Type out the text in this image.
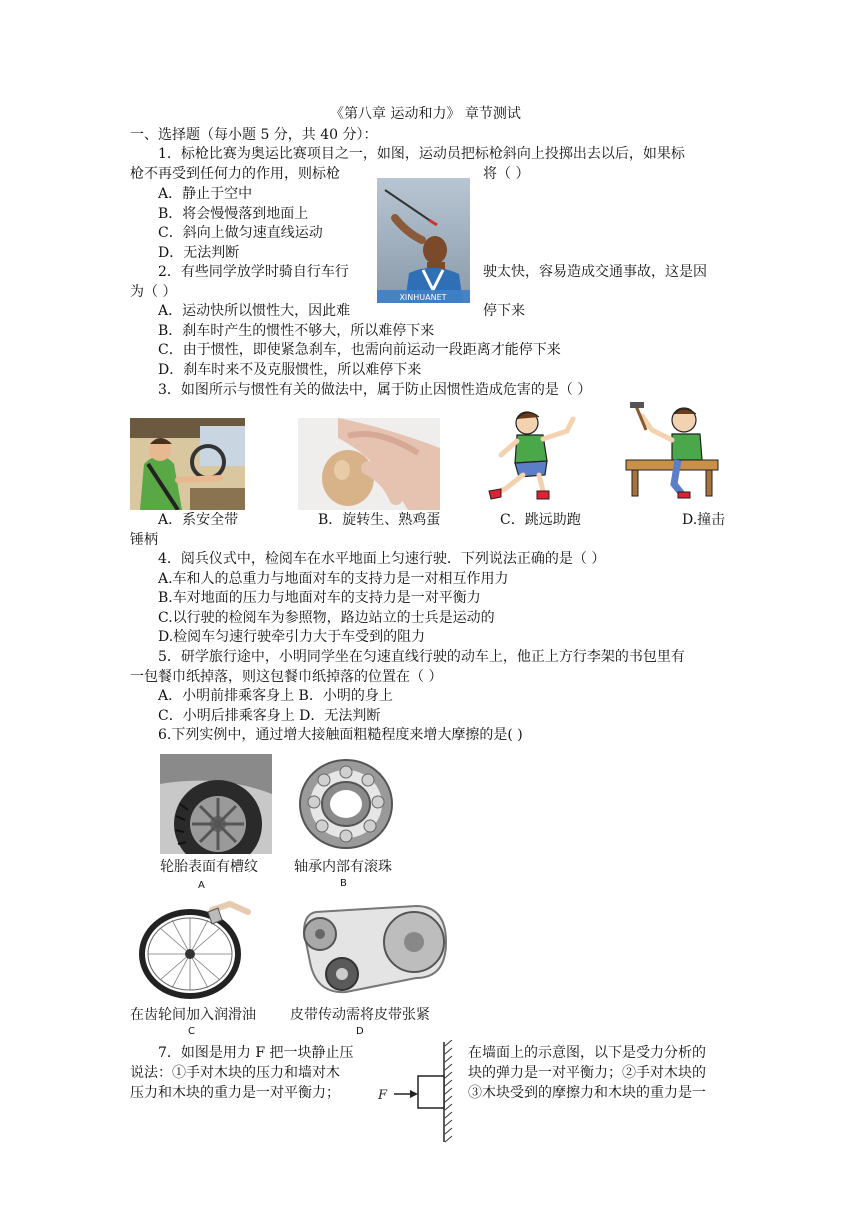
《第八章 运动和力》 章节测试
一、选择题（每小题 5 分，共 40 分）：
1．标枪比赛为奥运比赛项目之一，如图，运动员把标枪斜向上投掷出去以后，如果标
枪不再受到任何力的作用，则标枪	将（ ）
A．静止于空中
B．将会慢慢落到地面上
C．斜向上做匀速直线运动
D．无法判断
XINHUANET
2．有些同学放学时骑自行车行	驶太快，容易造成交通事故，这是因
为（ ）
A．运动快所以惯性大，因此难	停下来
B．刹车时产生的惯性不够大，所以难停下来
C．由于惯性，即使紧急刹车，也需向前运动一段距离才能停下来
D．刹车时来不及克服惯性，所以难停下来
3．如图所示与惯性有关的做法中，属于防止因惯性造成危害的是（ ）
A．系安全带	B．旋转生、熟鸡蛋	C．跳远助跑	D.撞击
锤柄
4．阅兵仪式中，检阅车在水平地面上匀速行驶．下列说法正确的是（ ）
A.车和人的总重力与地面对车的支持力是一对相互作用力
B.车对地面的压力与地面对车的支持力是一对平衡力
C.以行驶的检阅车为参照物，路边站立的士兵是运动的
D.检阅车匀速行驶牵引力大于车受到的阻力
5．研学旅行途中，小明同学坐在匀速直线行驶的动车上，他正上方行李架的书包里有
一包餐巾纸掉落，则这包餐巾纸掉落的位置在（ ）
A．小明前排乘客身上 B．小明的身上
C．小明后排乘客身上 D．无法判断
6.下列实例中，通过增大接触面粗糙程度来增大摩擦的是( )
轮胎表面有槽纹
A
轴承内部有滚珠
B
在齿轮间加入润滑油
C
皮带传动需将皮带张紧
D
7．如图是用力 F 把一块静止压	在墙面上的示意图，以下是受力分析的
说法：①手对木块的压力和墙对木	块的弹力是一对平衡力；②手对木块的
压力和木块的重力是一对平衡力；	③木块受到的摩擦力和木块的重力是一
F
